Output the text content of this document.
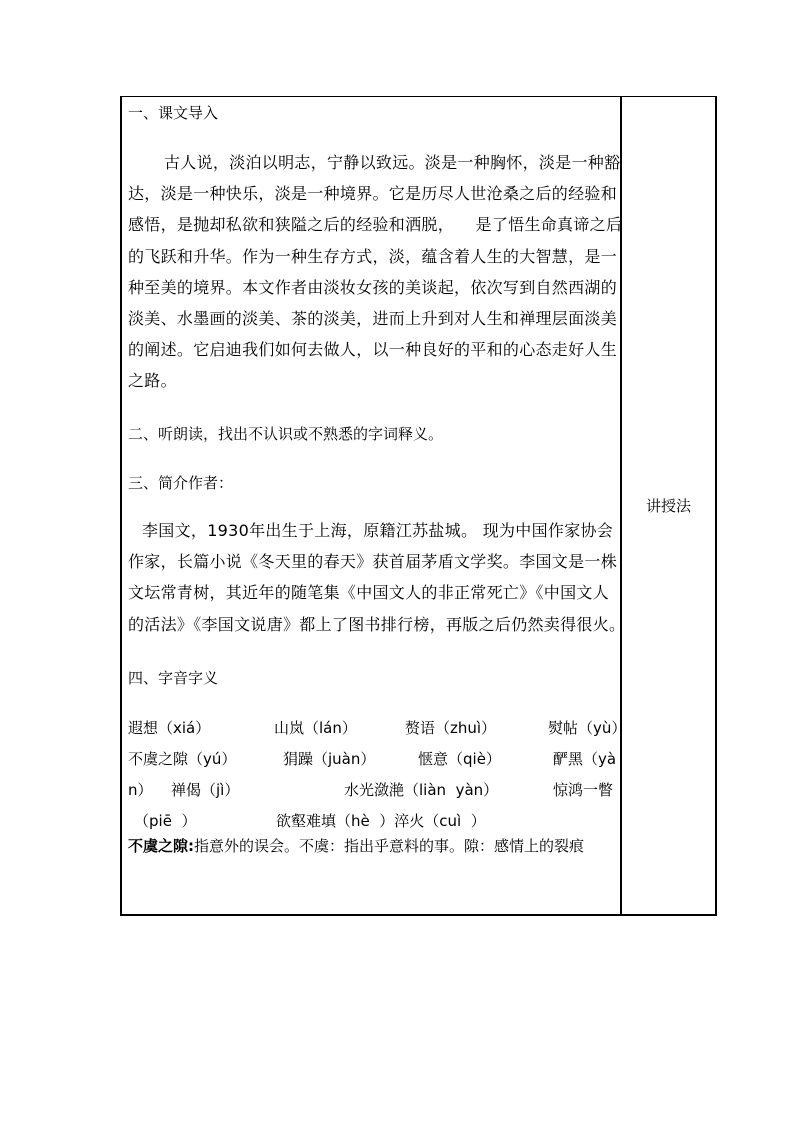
一、课文导入
古人说，淡泊以明志，宁静以致远。淡是一种胸怀，淡是一种豁
达，淡是一种快乐，淡是一种境界。它是历尽人世沧桑之后的经验和
感悟，是抛却私欲和狭隘之后的经验和洒脱，    是了悟生命真谛之后
的飞跃和升华。作为一种生存方式，淡，蕴含着人生的大智慧，是一
种至美的境界。本文作者由淡妆女孩的美谈起，依次写到自然西湖的
淡美、水墨画的淡美、茶的淡美，进而上升到对人生和禅理层面淡美
的阐述。它启迪我们如何去做人，以一种良好的平和的心态走好人生
之路。
二、听朗读，找出不认识或不熟悉的字词释义。
三、简介作者：
李国文，1930年出生于上海，原籍江苏盐城。 现为中国作家协会
作家，长篇小说《冬天里的春天》获首届茅盾文学奖。李国文是一株
文坛常青树，其近年的随笔集《中国文人的非正常死亡》《中国文人
的活法》《李国文说唐》都上了图书排行榜，再版之后仍然卖得很火。
四、字音字义
遐想（xiá）	山岚（lán）	赘语（zhuì）	熨帖（yù）
不虞之隙（yú）	狷躁（juàn）	惬意（qiè）	酽黑（yà
n） 禅偈（jì）	水光潋滟（liàn  yàn）	惊鸿一瞥
（piē  ）	欲壑难填（hè  ）淬火（cuì  ）
不虞之隙:指意外的误会。不虞：指出乎意料的事。隙：感情上的裂痕
讲授法
